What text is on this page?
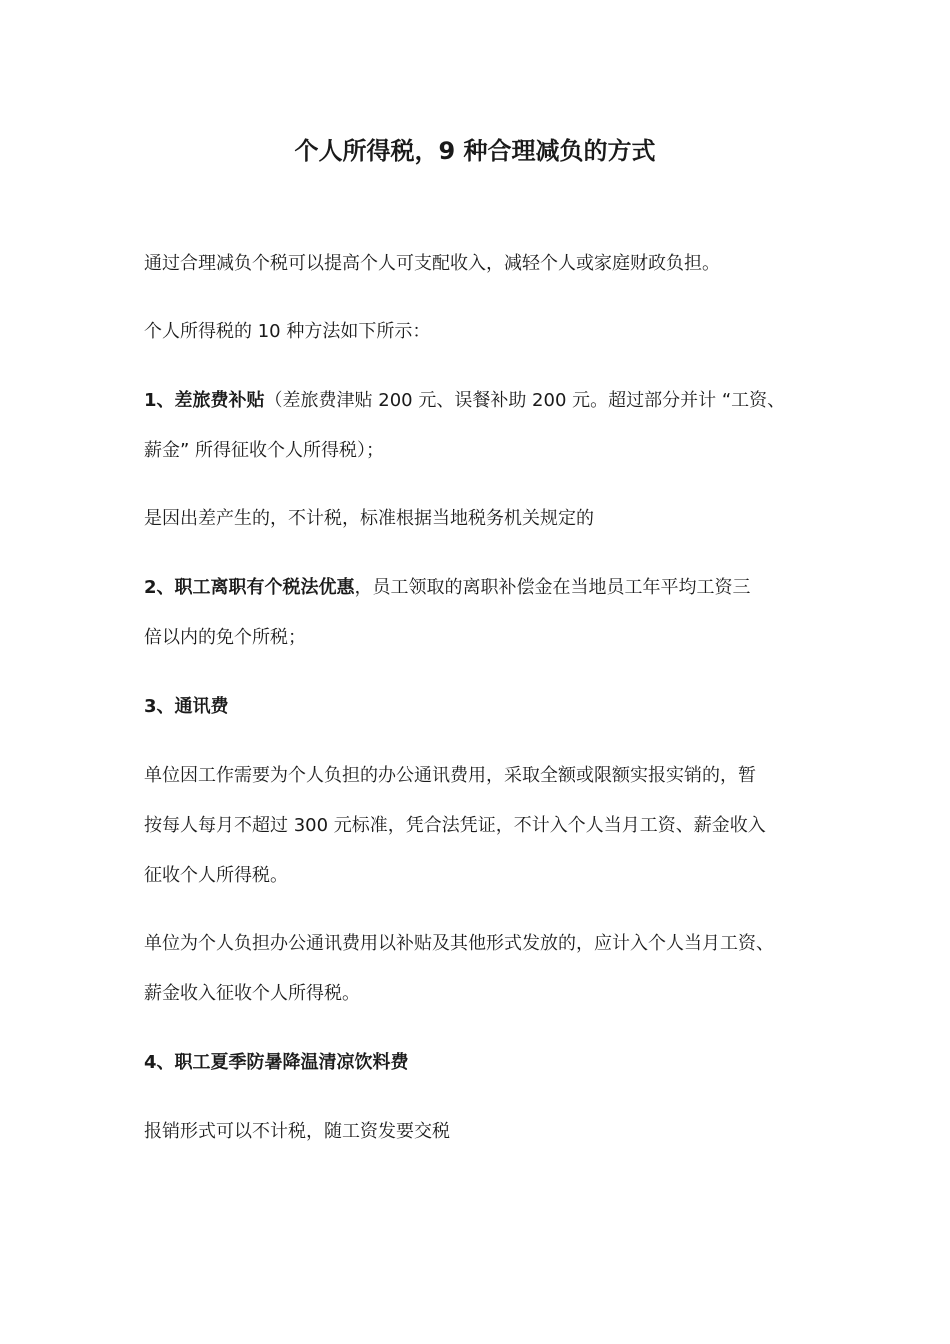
个人所得税，9 种合理减负的方式

通过合理减负个税可以提高个人可支配收入，减轻个人或家庭财政负担。

个人所得税的 10 种方法如下所示：

1、差旅费补贴（差旅费津贴 200 元、误餐补助 200 元。超过部分并计 “工资、
薪金” 所得征收个人所得税）；

是因出差产生的，不计税，标准根据当地税务机关规定的

2、职工离职有个税法优惠，员工领取的离职补偿金在当地员工年平均工资三
倍以内的免个所税；

3、通讯费

单位因工作需要为个人负担的办公通讯费用，采取全额或限额实报实销的，暂
按每人每月不超过 300 元标准，凭合法凭证，不计入个人当月工资、薪金收入
征收个人所得税。

单位为个人负担办公通讯费用以补贴及其他形式发放的，应计入个人当月工资、
薪金收入征收个人所得税。

4、职工夏季防暑降温清凉饮料费

报销形式可以不计税，随工资发要交税
